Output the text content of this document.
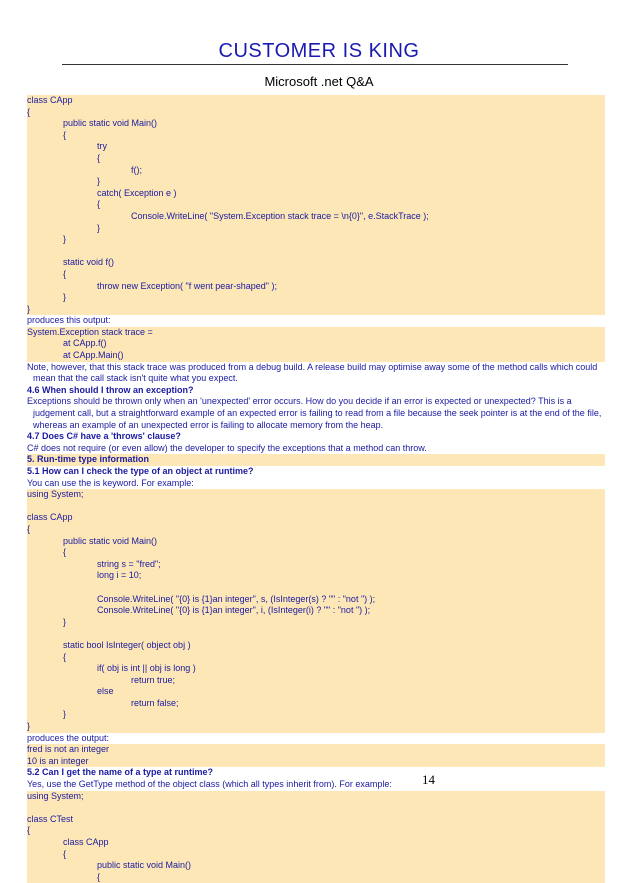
CUSTOMER IS KING
Microsoft .net Q&A
class CApp
{
public static void Main()
{
try
{
f();
}
catch( Exception e )
{
Console.WriteLine( "System.Exception stack trace = \n{0}", e.StackTrace );
}
}
static void f()
{
throw new Exception( "f went pear-shaped" );
}
}
produces this output:
System.Exception stack trace =
at CApp.f()
at CApp.Main()
Note, however, that this stack trace was produced from a debug build. A release build may optimise away some of the method calls which could mean that the call stack isn't quite what you expect.
4.6 When should I throw an exception?
Exceptions should be thrown only when an 'unexpected' error occurs. How do you decide if an error is expected or unexpected? This is a judgement call, but a straightforward example of an expected error is failing to read from a file because the seek pointer is at the end of the file, whereas an example of an unexpected error is failing to allocate memory from the heap.
4.7 Does C# have a 'throws' clause?
C# does not require (or even allow) the developer to specify the exceptions that a method can throw.
5. Run-time type information
5.1 How can I check the type of an object at runtime?
You can use the is keyword. For example:
using System;
class CApp
{
public static void Main()
{
string s = "fred";
long i = 10;
Console.WriteLine( "{0} is {1}an integer", s, (IsInteger(s) ? "" : "not ") );
Console.WriteLine( "{0} is {1}an integer", i, (IsInteger(i) ? "" : "not ") );
}
static bool IsInteger( object obj )
{
if( obj is int || obj is long )
return true;
else
return false;
}
}
produces the output:
fred is not an integer
10 is an integer
5.2 Can I get the name of a type at runtime?
Yes, use the GetType method of the object class (which all types inherit from). For example:
using System;
class CTest
{
class CApp
{
public static void Main()
{
14
